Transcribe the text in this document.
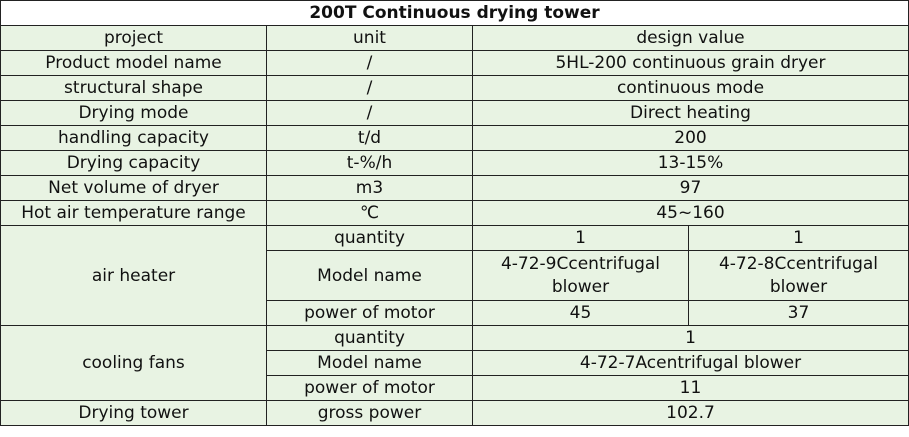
200T Continuous drying tower			
project	unit	design value	
Product model name	/	5HL-200 continuous grain dryer	
structural shape	/	continuous mode	
Drying mode	/	Direct heating	
handling capacity	t/d	200	
Drying capacity	t-%/h	13-15%	
Net volume of dryer	m3	97	
Hot air temperature range	℃	45~160	
air heater	quantity	1	1
	Model name	4-72-9Ccentrifugal blower	4-72-8Ccentrifugal blower
	power of motor	45	37
cooling fans	quantity	1	
	Model name	4-72-7Acentrifugal blower	
	power of motor	11	
Drying tower	gross power	102.7	
